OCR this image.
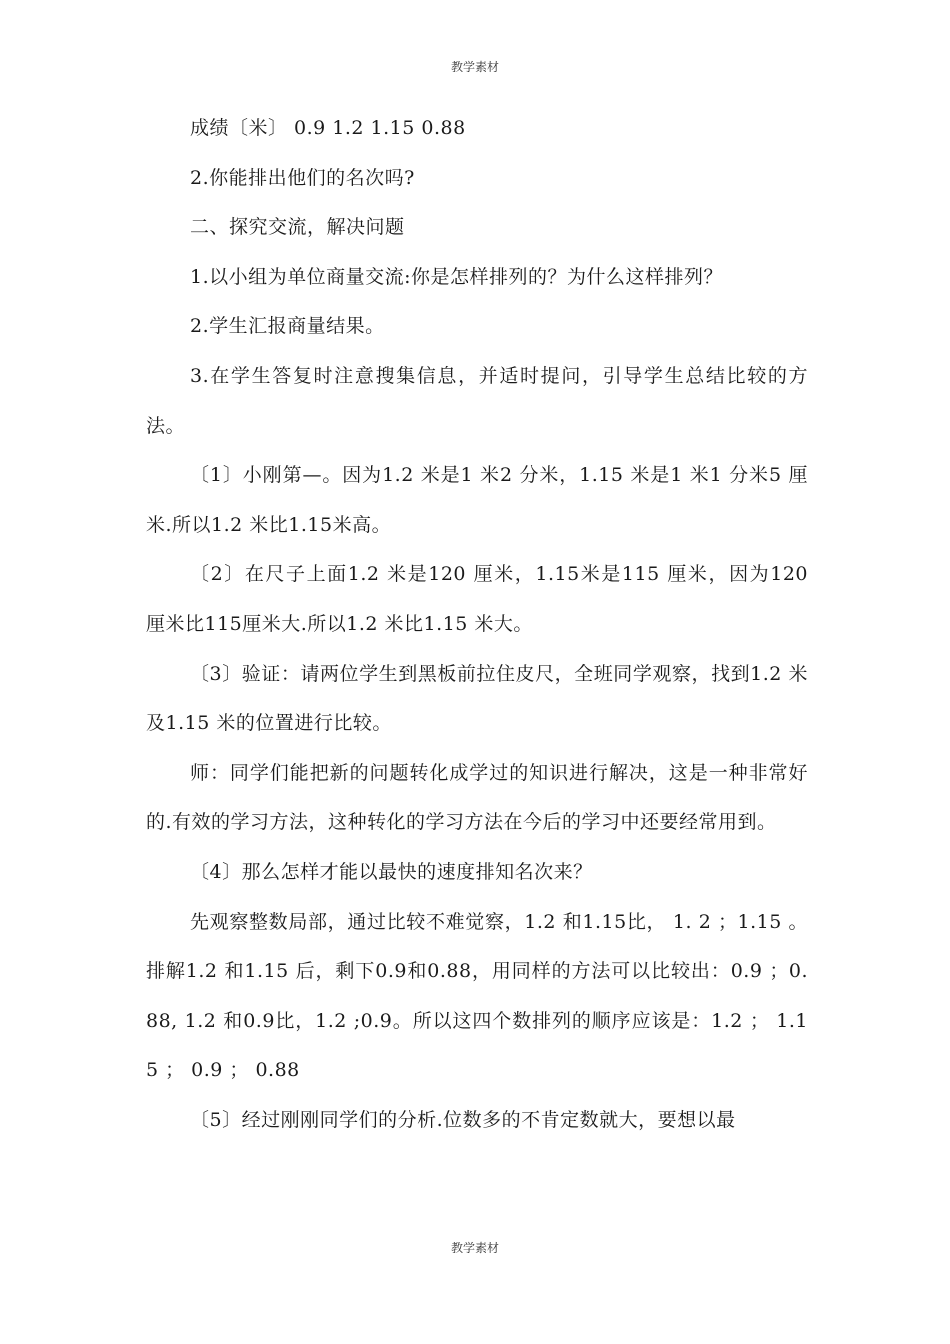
教学素材

成绩〔米〕 0.9 1.2 1.15 0.88

2.你能排出他们的名次吗?

二、探究交流，解决问题

1.以小组为单位商量交流:你是怎样排列的？为什么这样排列？

2.学生汇报商量结果。

3.在学生答复时注意搜集信息，并适时提问，引导学生总结比较的方法。

〔1〕小刚第—。因为1.2 米是1 米2 分米，1.15 米是1 米1 分米5 厘米.所以1.2 米比1.15米高。

〔2〕在尺子上面1.2 米是120 厘米，1.15米是115 厘米，因为120 厘米比115厘米大.所以1.2 米比1.15 米大。

〔3〕验证：请两位学生到黑板前拉住皮尺，全班同学观察，找到1.2 米及1.15 米的位置进行比较。

师：同学们能把新的问题转化成学过的知识进行解决，这是一种非常好的.有效的学习方法，这种转化的学习方法在今后的学习中还要经常用到。

〔4〕那么怎样才能以最快的速度排知名次来？

先观察整数局部，通过比较不难觉察，1.2 和1.15比， 1. 2 ；1.15 。排解1.2 和1.15 后，剩下0.9和0.88，用同样的方法可以比较出：0.9 ；0.88, 1.2 和0.9比，1.2 ;0.9。所以这四个数排列的顺序应该是：1.2 ； 1.15 ； 0.9 ； 0.88

〔5〕经过刚刚同学们的分析.位数多的不肯定数就大，要想以最

教学素材
